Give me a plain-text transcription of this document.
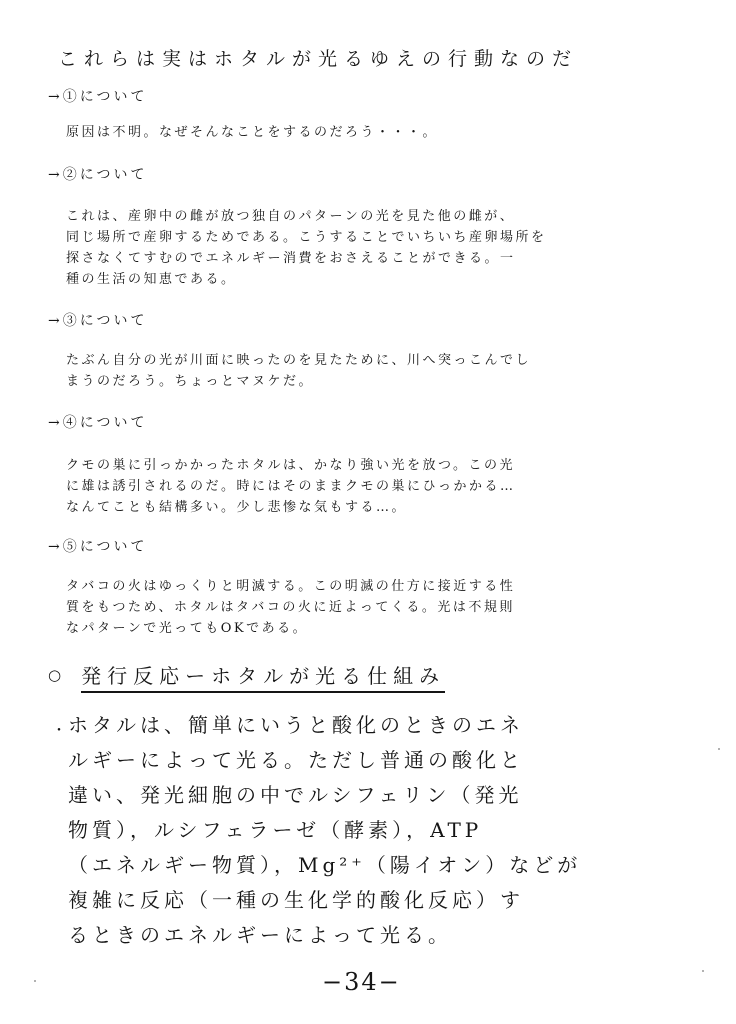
これらは実はホタルが光るゆえの行動なのだ
→①について

原因は不明。なぜそんなことをするのだろう・・・。

→②について

これは、産卵中の雌が放つ独自のパターンの光を見た他の雌が、

同じ場所で産卵するためである。こうすることでいちいち産卵場所を

探さなくてすむのでエネルギー消費をおさえることができる。一

種の生活の知恵である。

→③について

たぶん自分の光が川面に映ったのを見たために、川へ突っこんでし

まうのだろう。ちょっとマヌケだ。

→④について

クモの巣に引っかかったホタルは、かなり強い光を放つ。この光

に雄は誘引されるのだ。時にはそのままクモの巣にひっかかる…

なんてことも結構多い。少し悲惨な気もする…。

→⑤について

タバコの火はゆっくりと明滅する。この明滅の仕方に接近する性

質をもつため、ホタルはタバコの火に近よってくる。光は不規則

なパターンで光ってもOKである。

○ 発行反応ーホタルが光る仕組み
・

ホタルは、簡単にいうと酸化のときのエネ

ルギーによって光る。ただし普通の酸化と

違い、発光細胞の中でルシフェリン（発光

物質），ルシフェラーゼ（酵素），ATP

（エネルギー物質），Mg²⁺（陽イオン）などが

複雑に反応（一種の生化学的酸化反応）す

るときのエネルギーによって光る。

−34−
